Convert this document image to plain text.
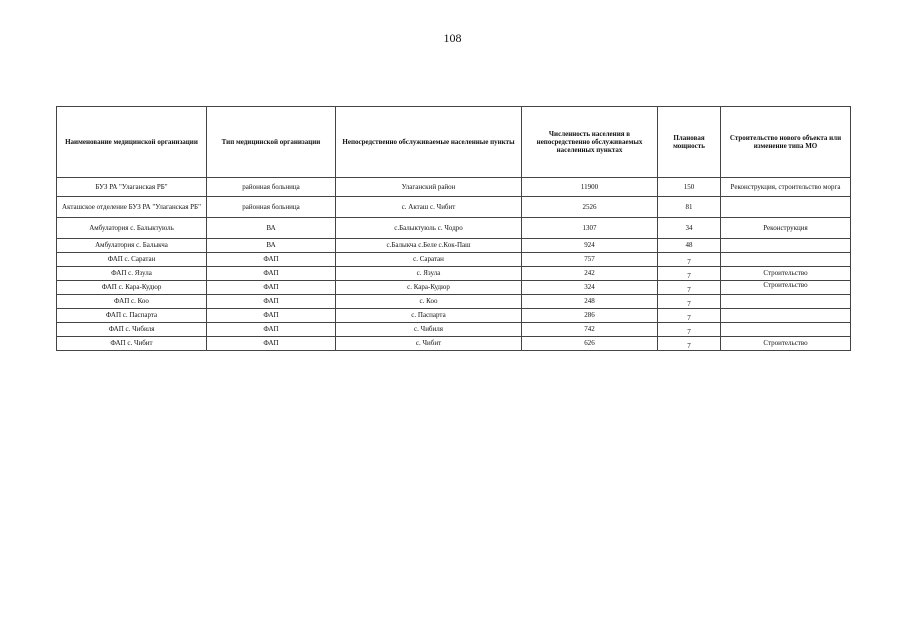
108
Наименование медицинской организации	Тип медицинской организации	Непосредственно обслуживаемые населенные пункты	Численность населения в непосредственно обслуживаемых населенных пунктах	Плановая мощность	Строительство нового объекта или изменение типа МО
БУЗ РА "Улаганская РБ"	районная больница	Улаганский район	11900	150	Реконструкция, строительство морга
Акташское отделение БУЗ РА "Улаганская РБ"	районная больница	с. Акташ с. Чибит	2526	81	
Амбулатория с. Балыктуюль	ВА	с.Балыктуюль с. Чодро	1307	34	Реконструкция
Амбулатория с. Балыкча	ВА	с.Балыкча с.Беле с.Кок-Паш	924	48	
ФАП с. Саратан	ФАП	с. Саратан	757	7	
ФАП с. Язула	ФАП	с. Язула	242	7	Строительство
ФАП с. Кара-Кудюр	ФАП	с. Кара-Кудюр	324	7	Строительство
ФАП с. Коо	ФАП	с. Коо	248	7	
ФАП с. Паспарта	ФАП	с. Паспарта	286	7	
ФАП с. Чибиля	ФАП	с. Чибиля	742	7	
ФАП с. Чибит	ФАП	с. Чибит	626	7	Строительство
